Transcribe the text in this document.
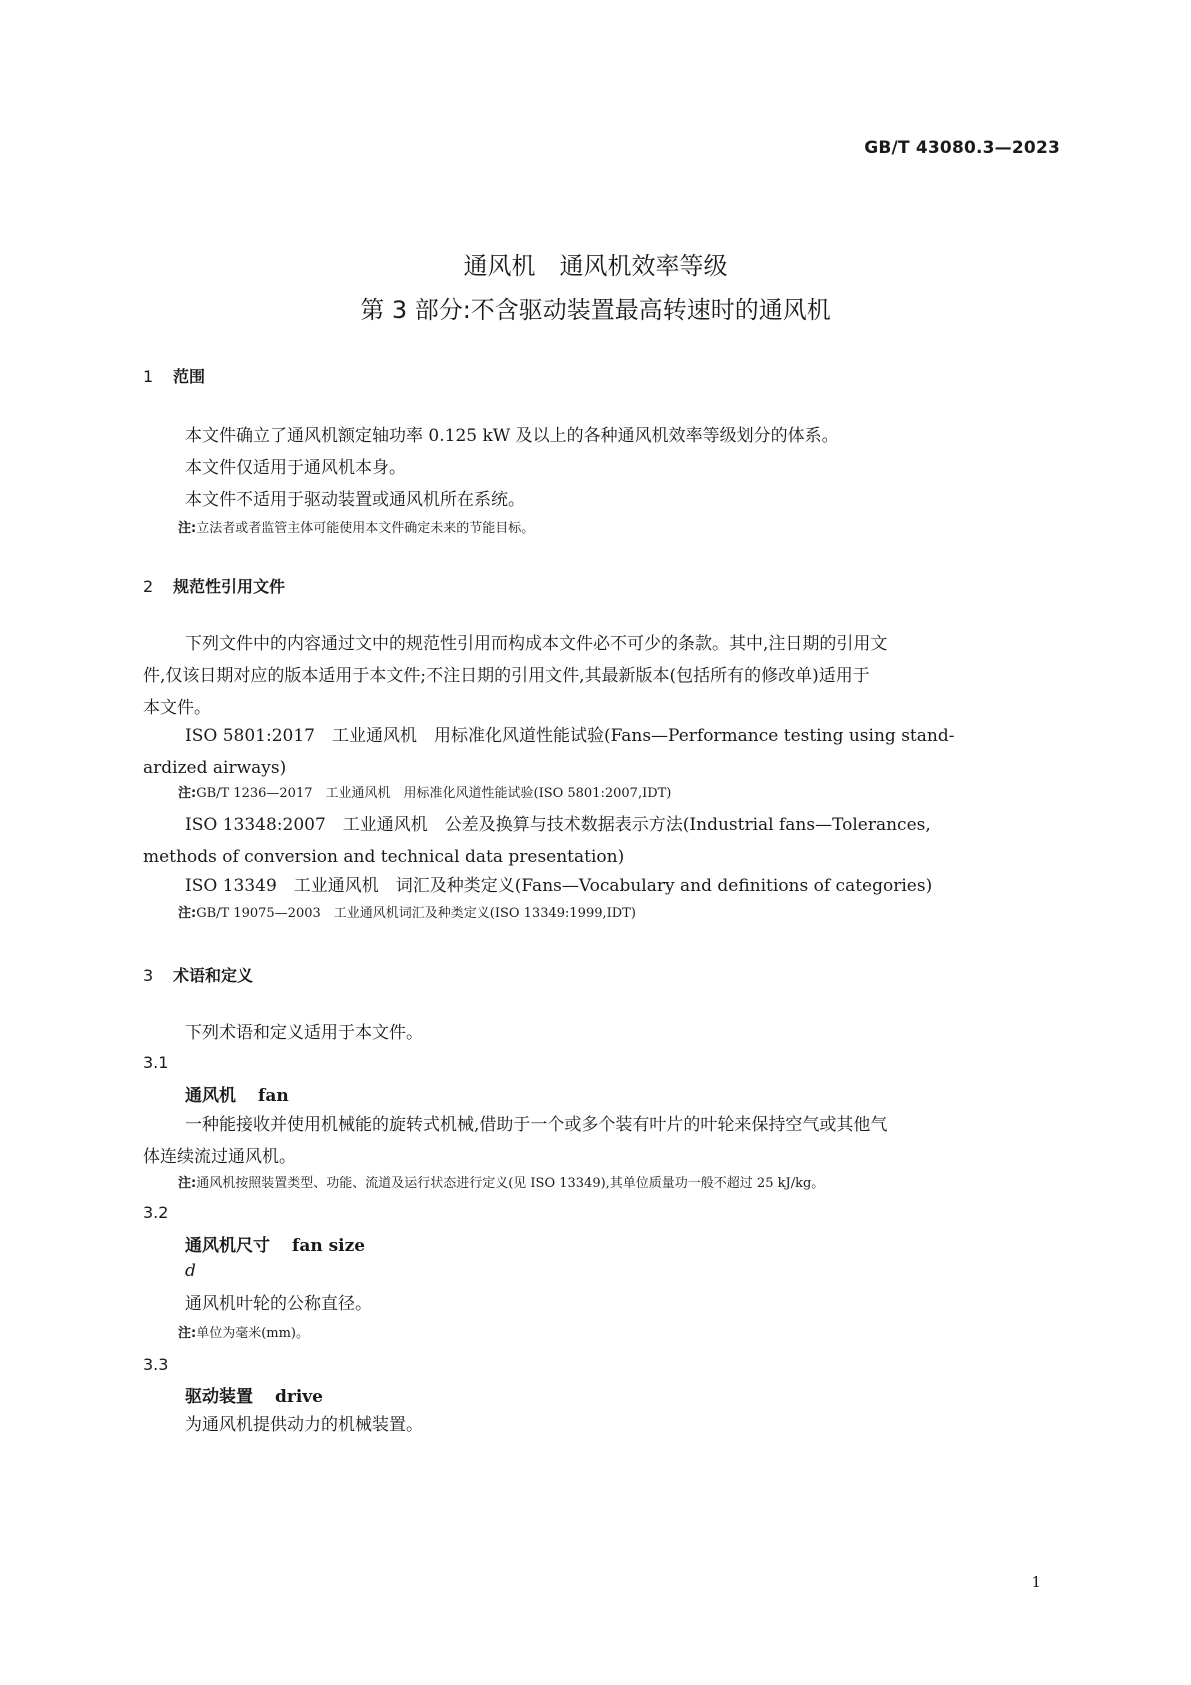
GB/T 43080.3—2023
通风机　通风机效率等级
第 3 部分:不含驱动装置最高转速时的通风机
1 范围
本文件确立了通风机额定轴功率 0.125 kW 及以上的各种通风机效率等级划分的体系。
本文件仅适用于通风机本身。
本文件不适用于驱动装置或通风机所在系统。
注:立法者或者监管主体可能使用本文件确定未来的节能目标。
2 规范性引用文件
下列文件中的内容通过文中的规范性引用而构成本文件必不可少的条款。其中,注日期的引用文
件,仅该日期对应的版本适用于本文件;不注日期的引用文件,其最新版本(包括所有的修改单)适用于
本文件。
ISO 5801:2017　工业通风机　用标准化风道性能试验(Fans—Performance testing using stand-
ardized airways)
注:GB/T 1236—2017　工业通风机　用标准化风道性能试验(ISO 5801:2007,IDT)
ISO 13348:2007　工业通风机　公差及换算与技术数据表示方法(Industrial fans—Tolerances,
methods of conversion and technical data presentation)
ISO 13349　工业通风机　词汇及种类定义(Fans—Vocabulary and definitions of categories)
注:GB/T 19075—2003　工业通风机词汇及种类定义(ISO 13349:1999,IDT)
3 术语和定义
下列术语和定义适用于本文件。
3.1
通风机 fan
一种能接收并使用机械能的旋转式机械,借助于一个或多个装有叶片的叶轮来保持空气或其他气
体连续流过通风机。
注:通风机按照装置类型、功能、流道及运行状态进行定义(见 ISO 13349),其单位质量功一般不超过 25 kJ/kg。
3.2
通风机尺寸 fan size
d
通风机叶轮的公称直径。
注:单位为毫米(mm)。
3.3
驱动装置 drive
为通风机提供动力的机械装置。
1
